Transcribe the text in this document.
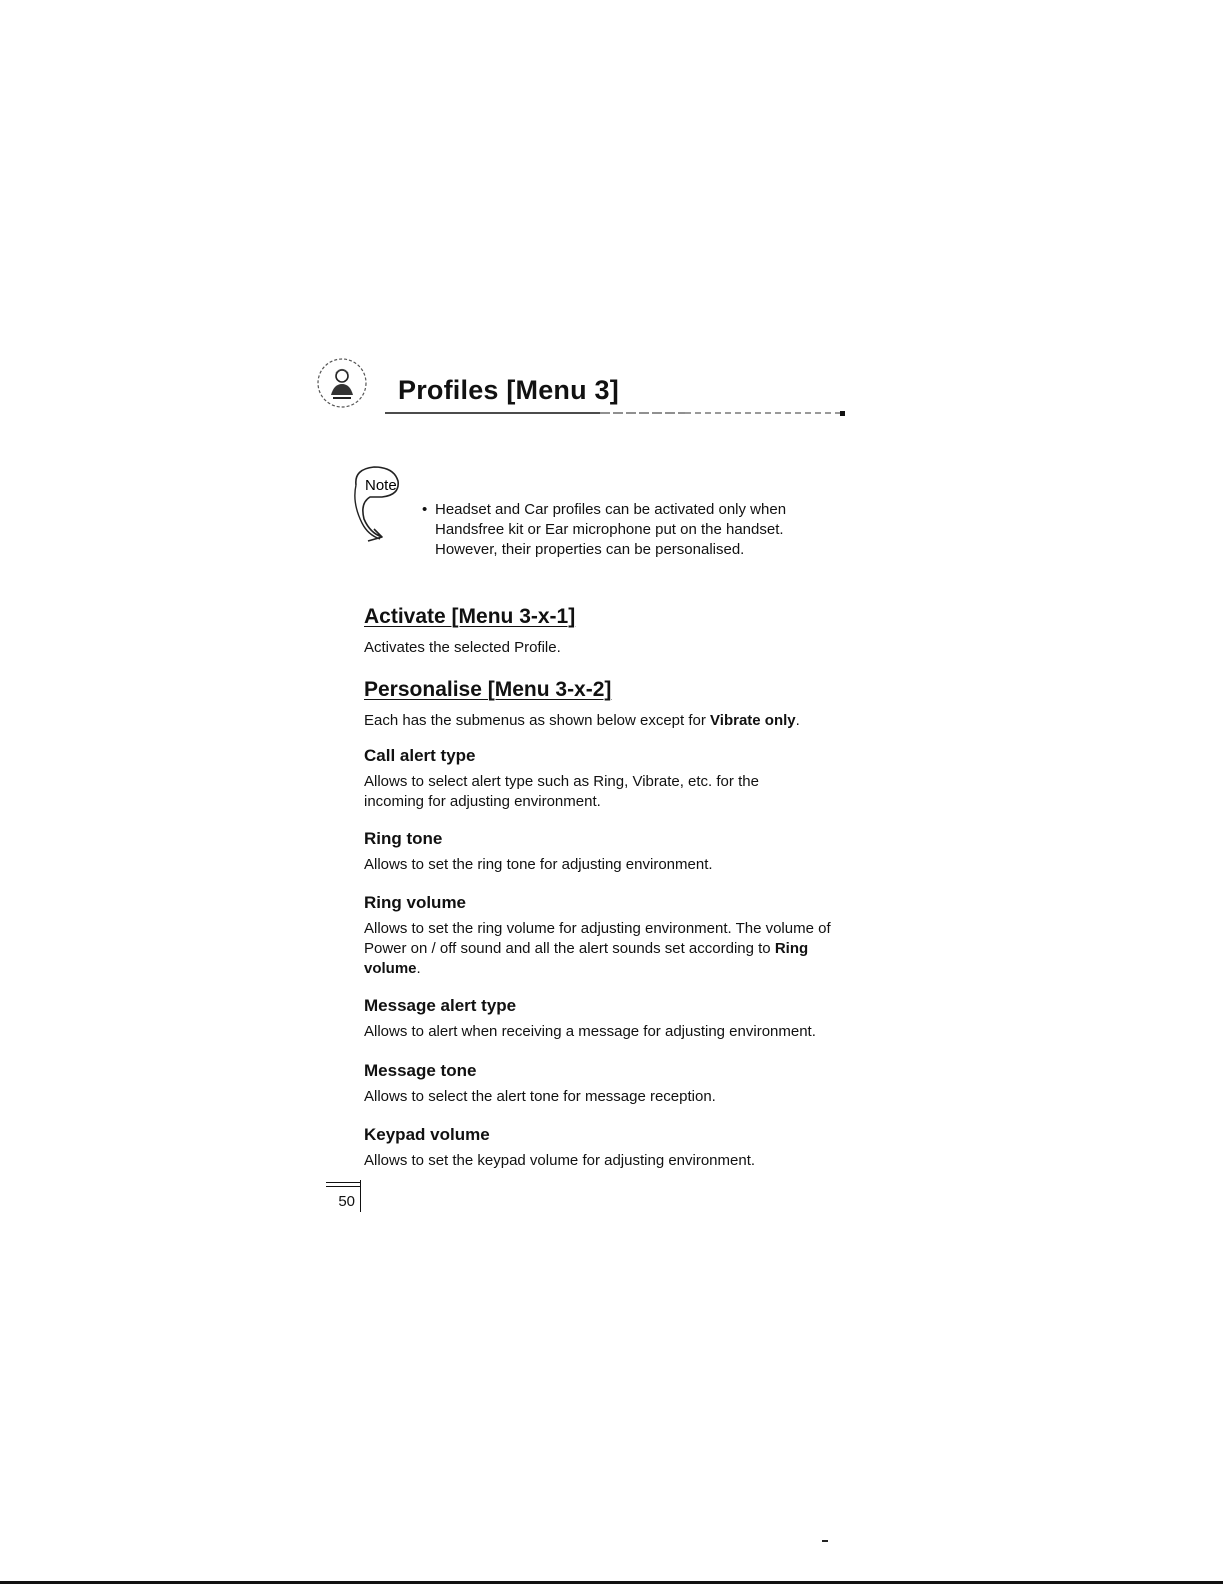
Profiles [Menu 3]
Note
• Headset and Car profiles can be activated only when
Handsfree kit or Ear microphone put on the handset.
However, their properties can be personalised.
Activate [Menu 3-x-1]

Activates the selected Profile.

Personalise [Menu 3-x-2]

Each has the submenus as shown below except for Vibrate only.

Call alert type

Allows to select alert type such as Ring, Vibrate, etc. for the incoming for adjusting environment.

Ring tone

Allows to set the ring tone for adjusting environment.

Ring volume

Allows to set the ring volume for adjusting environment. The volume of Power on / off sound and all the alert sounds set according to Ring volume.

Message alert type

Allows to alert when receiving a message for adjusting environment.

Message tone

Allows to select the alert tone for message reception.

Keypad volume

Allows to set the keypad volume for adjusting environment.

50
